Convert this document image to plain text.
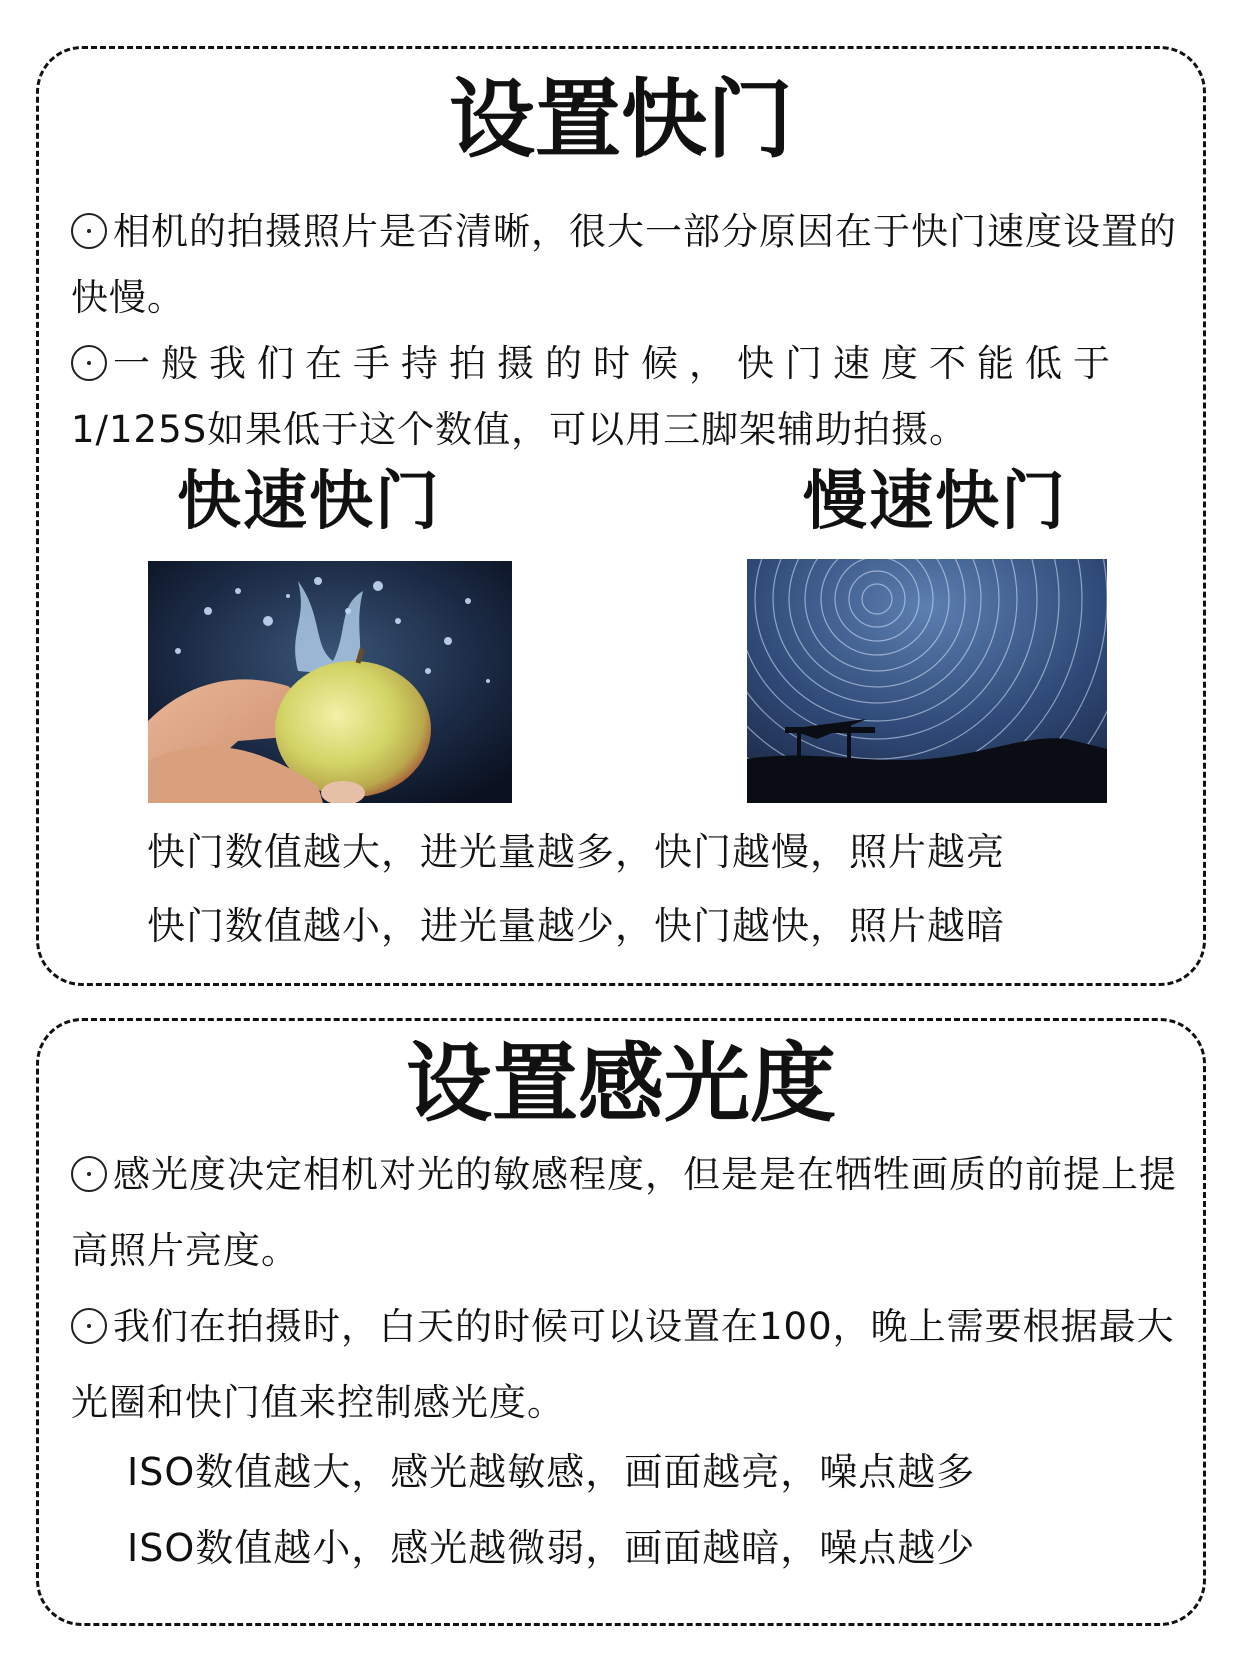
设置快门
相机的拍摄照片是否清晰，很大一部分原因在于快门速度设置的快慢。
一般我们在手持拍摄的时候，快门速度不能低于
1/125S如果低于这个数值，可以用三脚架辅助拍摄。
快速快门	慢速快门
快门数值越大，进光量越多，快门越慢，照片越亮
快门数值越小，进光量越少，快门越快，照片越暗
设置感光度
感光度决定相机对光的敏感程度，但是是在牺牲画质的前提上提高照片亮度。
我们在拍摄时，白天的时候可以设置在100，晚上需要根据最大光圈和快门值来控制感光度。
ISO数值越大，感光越敏感，画面越亮，噪点越多
ISO数值越小，感光越微弱，画面越暗，噪点越少
